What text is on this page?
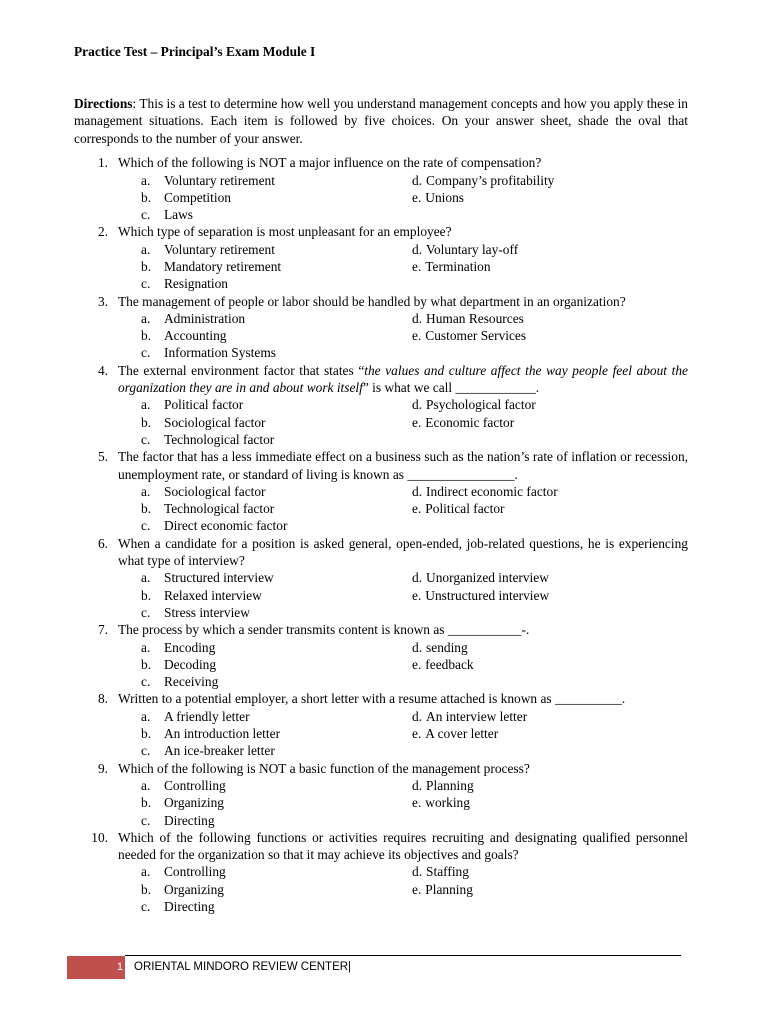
Practice Test – Principal’s Exam Module I

Directions: This is a test to determine how well you understand management concepts and how you apply these in management situations. Each item is followed by five choices. On your answer sheet, shade the oval that corresponds to the number of your answer.
1. Which of the following is NOT a major influence on the rate of compensation?
a.	Voluntary retirement	d. Company’s profitability
b. Competition	e. Unions
c.	Laws
2. Which type of separation is most unpleasant for an employee?
a.	Voluntary retirement	d. Voluntary lay-off
b. Mandatory retirement	e. Termination
c.	Resignation
3. The management of people or labor should be handled by what department in an organization?
a.	Administration	d. Human Resources
b. Accounting	e. Customer Services
c.	Information Systems
4. The external environment factor that states “the values and culture affect the way people feel about the organization they are in and about work itself” is what we call ____________.
a.	Political factor	d. Psychological factor
b. Sociological factor	e. Economic factor
c.	Technological factor
5. The factor that has a less immediate effect on a business such as the nation’s rate of inflation or recession, unemployment rate, or standard of living is known as ________________.
a.	Sociological factor	d. Indirect economic factor
b. Technological factor	e. Political factor
c.	Direct economic factor
6. When a candidate for a position is asked general, open-ended, job-related questions, he is experiencing what type of interview?
a.	Structured interview	d. Unorganized interview
b. Relaxed interview	e. Unstructured interview
c.	Stress interview
7. The process by which a sender transmits content is known as ___________-.
a.	Encoding	d. sending
b. Decoding	e. feedback
c.	Receiving
8. Written to a potential employer, a short letter with a resume attached is known as __________.
a.	A friendly letter	d. An interview letter
b. An introduction letter	e. A cover letter
c.	An ice-breaker letter
9. Which of the following is NOT a basic function of the management process?
a.	Controlling	d. Planning
b. Organizing	e. working
c.	Directing
10. Which of the following functions or activities requires recruiting and designating qualified personnel needed for the organization so that it may achieve its objectives and goals?
a.	Controlling	d. Staffing
b. Organizing	e. Planning
c.	Directing
1 ORIENTAL MINDORO REVIEW CENTER|
